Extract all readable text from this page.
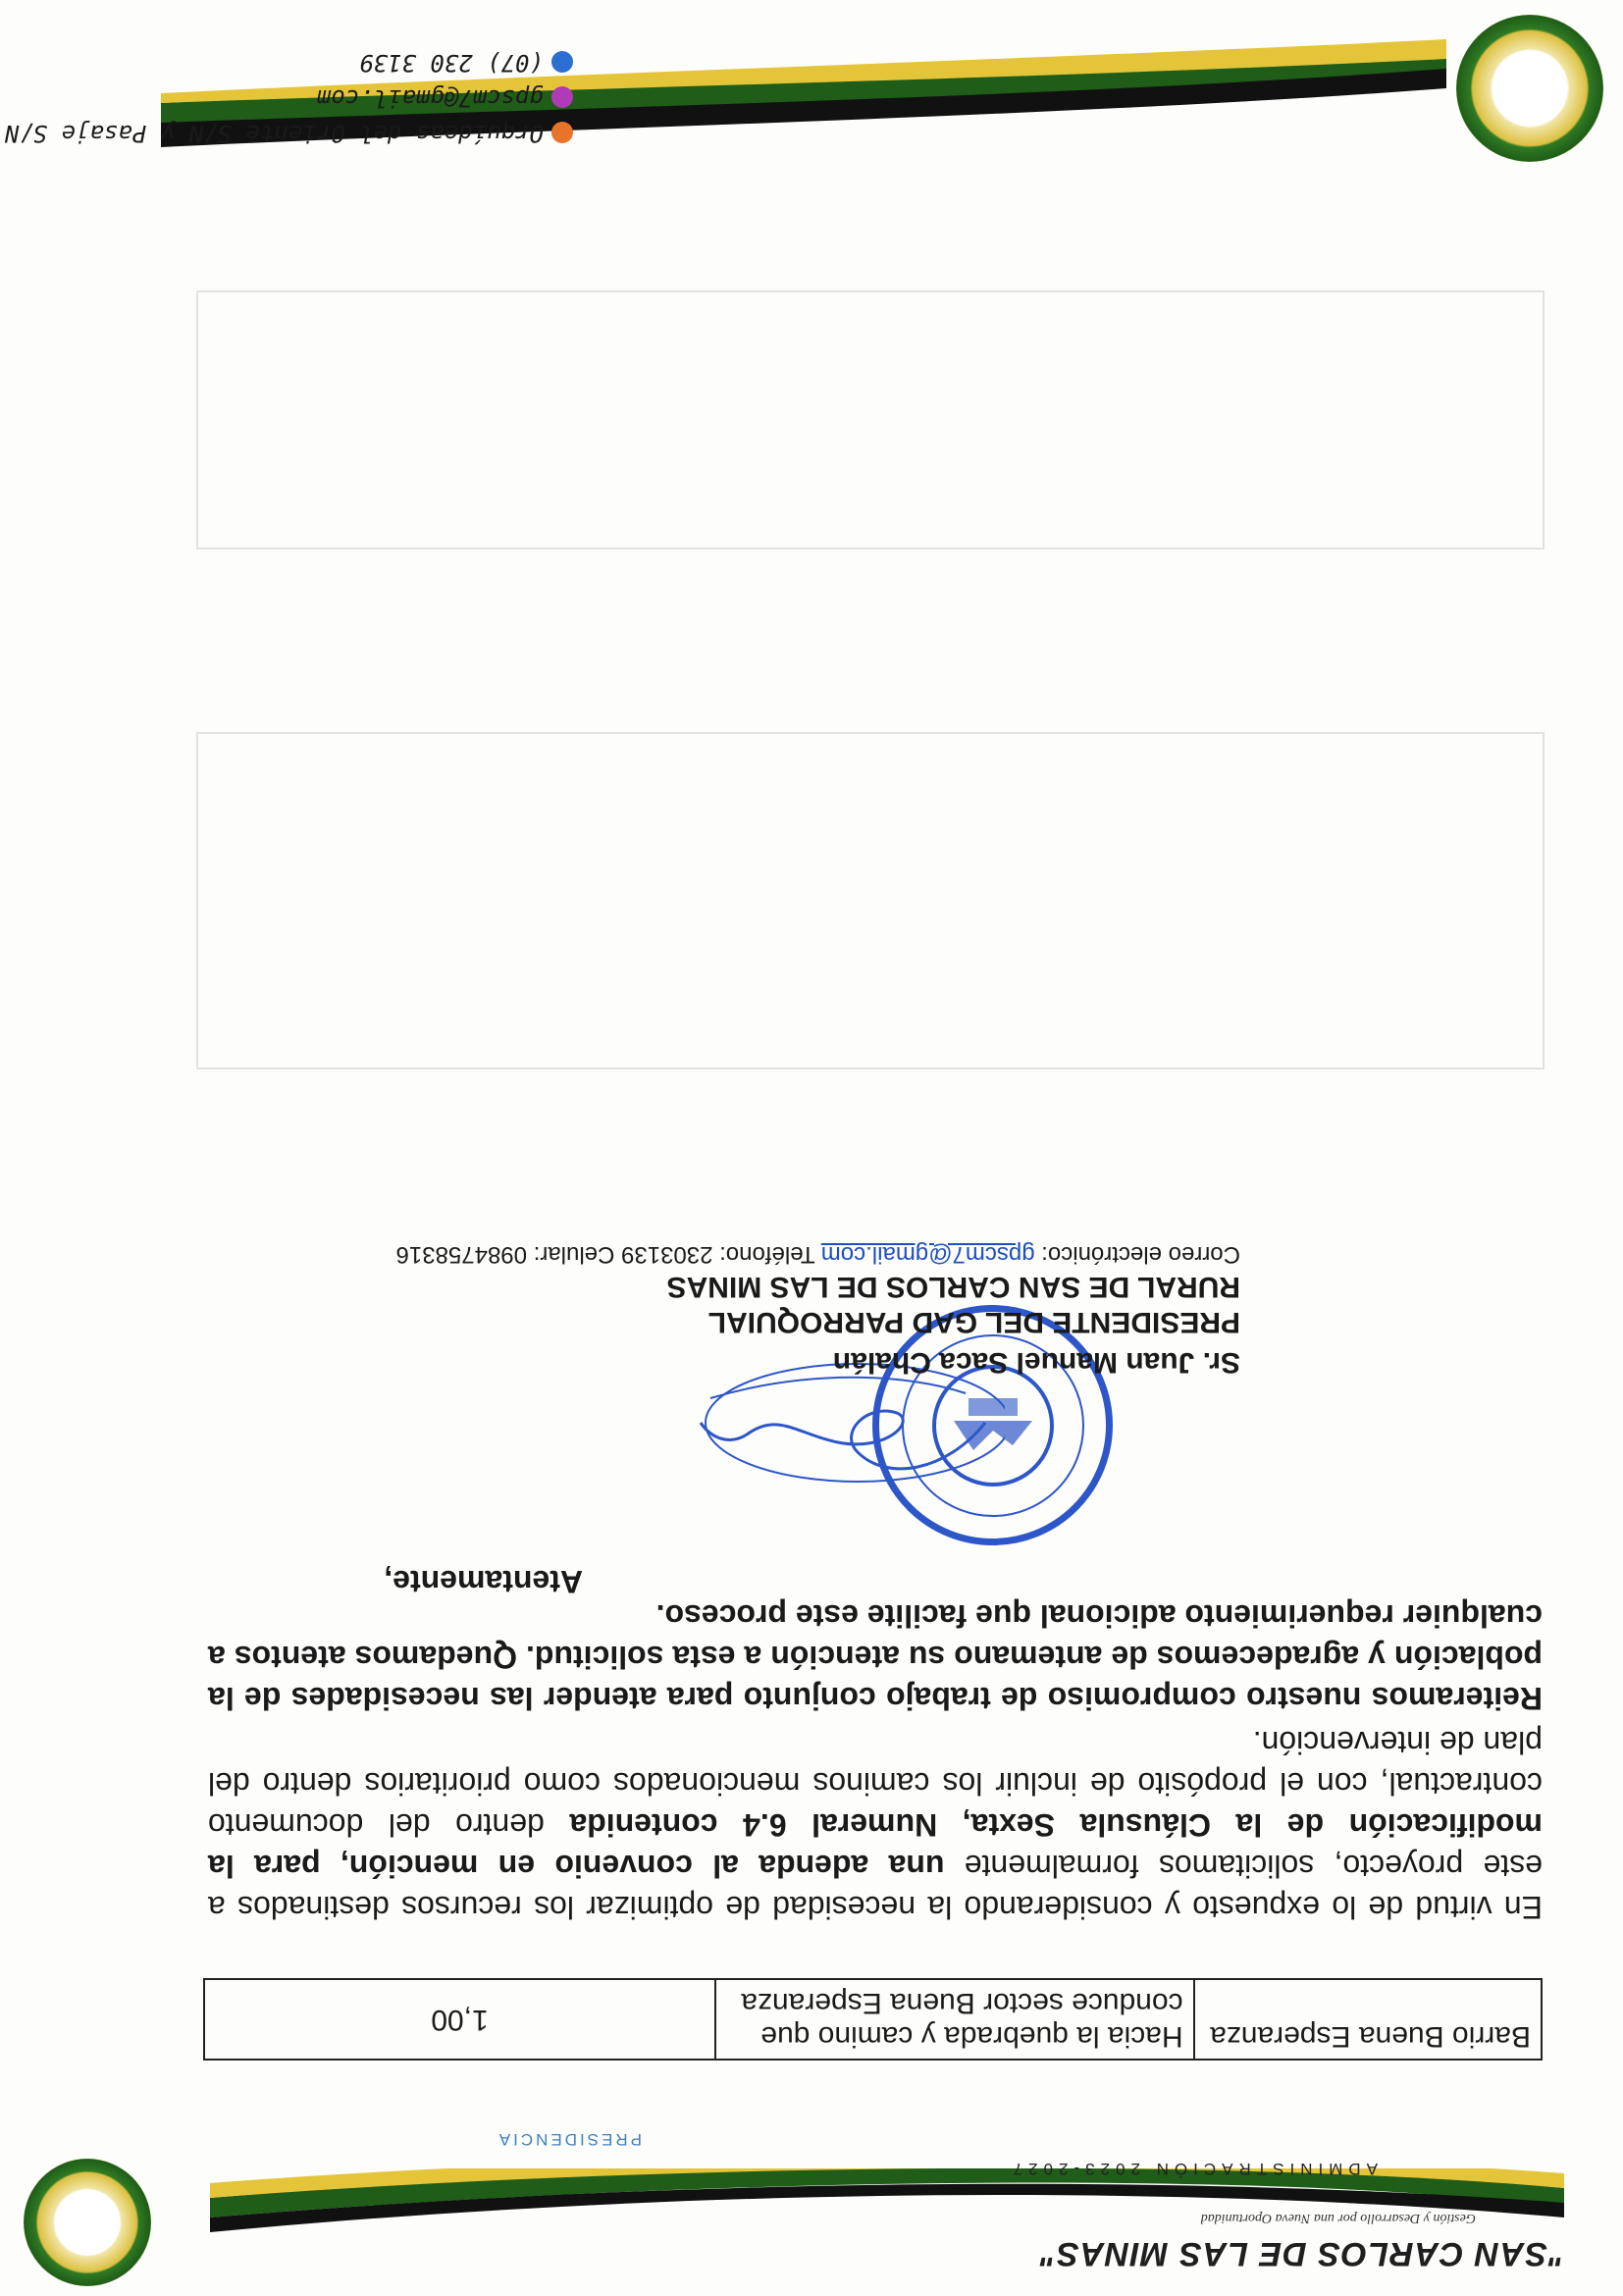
"SAN CARLOS DE LAS MINAS"
Gestión y Desarrollo por una Nueva Oportunidad
ADMINISTRACIÓN 2023-2027
PRESIDENCIA
Barrio Buena Esperanza	Hacia la quebrada y camino que conduce sector Buena Esperanza	1,00
En virtud de lo expuesto y considerando la necesidad de optimizar los recursos destinados a este proyecto, solicitamos formalmente una adenda al convenio en mención, para la modificación de la Cláusula Sexta, Numeral 6.4 contenida dentro del documento contractual, con el propósito de incluir los caminos mencionados como prioritarios dentro del plan de intervención.
Reiteramos nuestro compromiso de trabajo conjunto para atender las necesidades de la población y agradecemos de antemano su atención a esta solicitud. Quedamos atentos a cualquier requerimiento adicional que facilite este proceso.
Atentamente,
Sr. Juan Manuel Saca Chalán
PRESIDENTE DEL GAD PARROQUIAL
RURAL DE SAN CARLOS DE LAS MINAS
Correo electrónico: gpscm7@gmail.com Teléfono: 2303139 Celular: 0984758316
Orquídeas del Oriente S/N y Pasaje S/N
gpscm7@gmail.com
(07) 230 3139
